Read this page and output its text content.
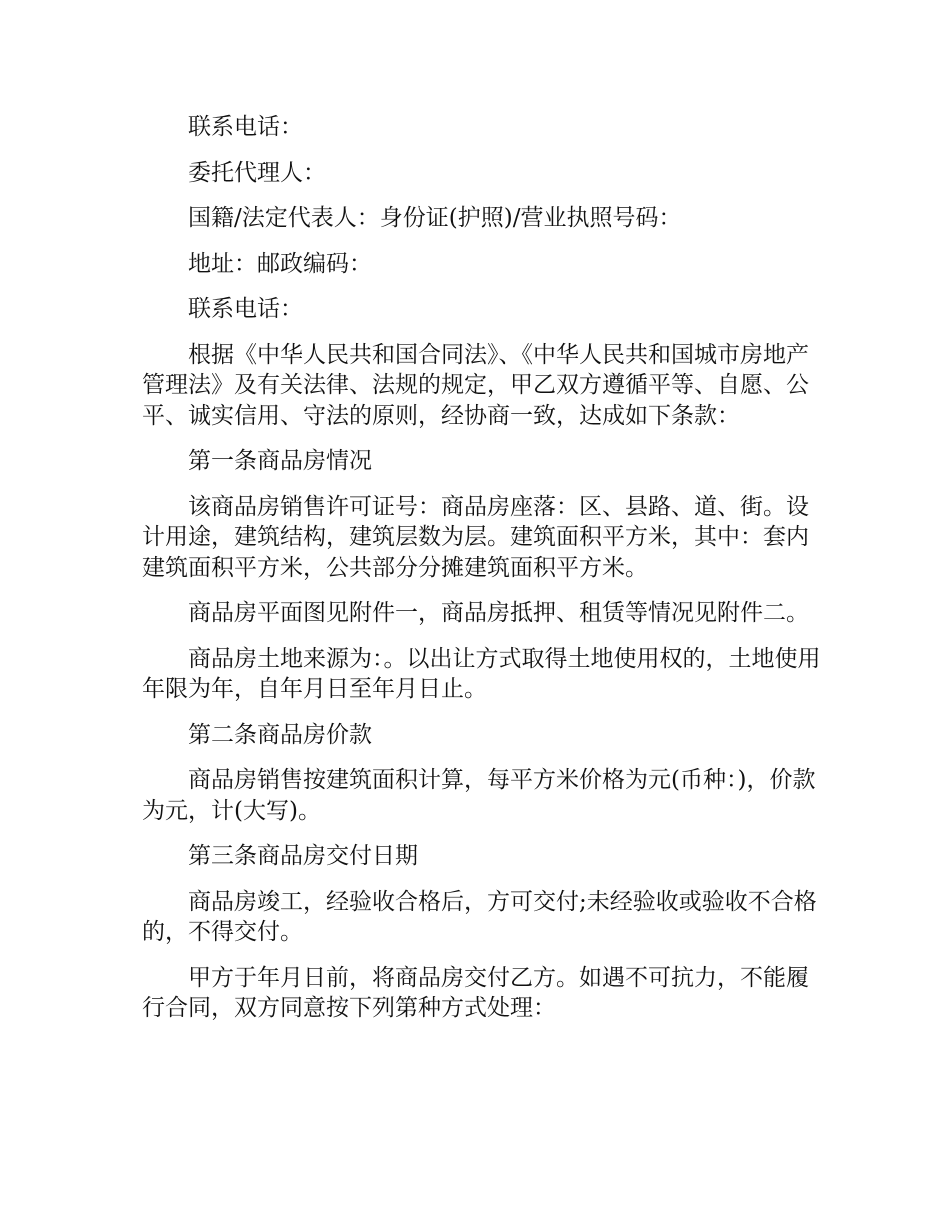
联系电话：

委托代理人：

国籍/法定代表人：身份证(护照)/营业执照号码：

地址：邮政编码：

联系电话：

根据《中华人民共和国合同法》、《中华人民共和国城市房地产管理法》及有关法律、法规的规定，甲乙双方遵循平等、自愿、公平、诚实信用、守法的原则，经协商一致，达成如下条款：

第一条商品房情况

该商品房销售许可证号：商品房座落：区、县路、道、街。设计用途，建筑结构，建筑层数为层。建筑面积平方米，其中：套内建筑面积平方米，公共部分分摊建筑面积平方米。

商品房平面图见附件一，商品房抵押、租赁等情况见附件二。

商品房土地来源为：。以出让方式取得土地使用权的，土地使用年限为年，自年月日至年月日止。

第二条商品房价款

商品房销售按建筑面积计算，每平方米价格为元(币种：)，价款为元，计(大写)。

第三条商品房交付日期

商品房竣工，经验收合格后，方可交付;未经验收或验收不合格的，不得交付。

甲方于年月日前，将商品房交付乙方。如遇不可抗力，不能履行合同，双方同意按下列第种方式处理：
